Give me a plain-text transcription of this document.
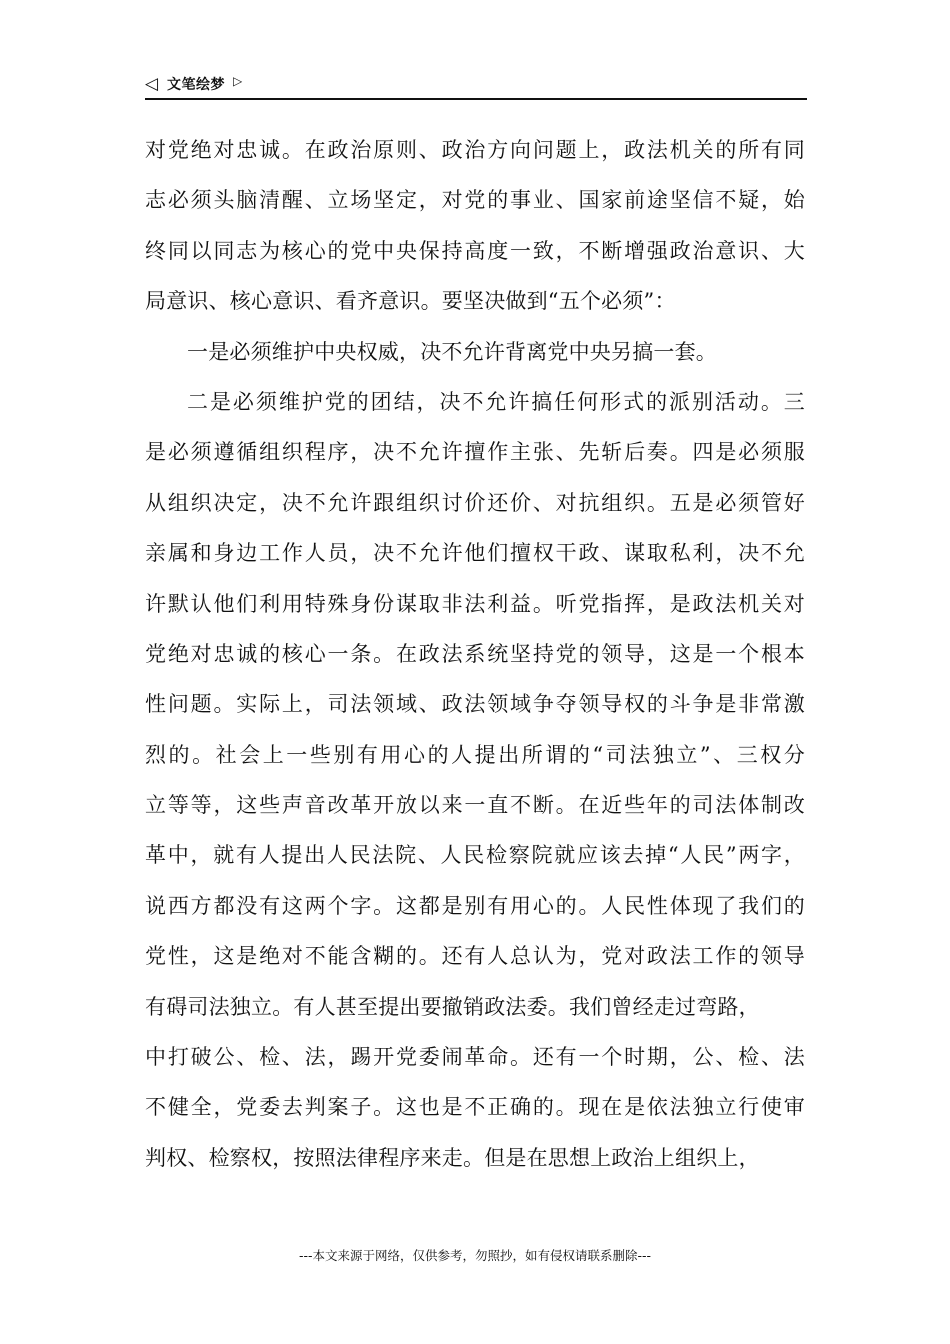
◁ 文笔绘梦 ▷
对党绝对忠诚。在政治原则、政治方向问题上，政法机关的所有同
志必须头脑清醒、立场坚定，对党的事业、国家前途坚信不疑，始
终同以同志为核心的党中央保持高度一致，不断增强政治意识、大
局意识、核心意识、看齐意识。要坚决做到“五个必须”：
一是必须维护中央权威，决不允许背离党中央另搞一套。
二是必须维护党的团结，决不允许搞任何形式的派别活动。三
是必须遵循组织程序，决不允许擅作主张、先斩后奏。四是必须服
从组织决定，决不允许跟组织讨价还价、对抗组织。五是必须管好
亲属和身边工作人员，决不允许他们擅权干政、谋取私利，决不允
许默认他们利用特殊身份谋取非法利益。听党指挥，是政法机关对
党绝对忠诚的核心一条。在政法系统坚持党的领导，这是一个根本
性问题。实际上，司法领域、政法领域争夺领导权的斗争是非常激
烈的。社会上一些别有用心的人提出所谓的“司法独立”、三权分
立等等，这些声音改革开放以来一直不断。在近些年的司法体制改
革中，就有人提出人民法院、人民检察院就应该去掉“人民”两字，
说西方都没有这两个字。这都是别有用心的。人民性体现了我们的
党性，这是绝对不能含糊的。还有人总认为，党对政法工作的领导
有碍司法独立。有人甚至提出要撤销政法委。我们曾经走过弯路，
中打破公、检、法，踢开党委闹革命。还有一个时期，公、检、法
不健全，党委去判案子。这也是不正确的。现在是依法独立行使审
判权、检察权，按照法律程序来走。但是在思想上政治上组织上，
---本文来源于网络，仅供参考，勿照抄，如有侵权请联系删除---
